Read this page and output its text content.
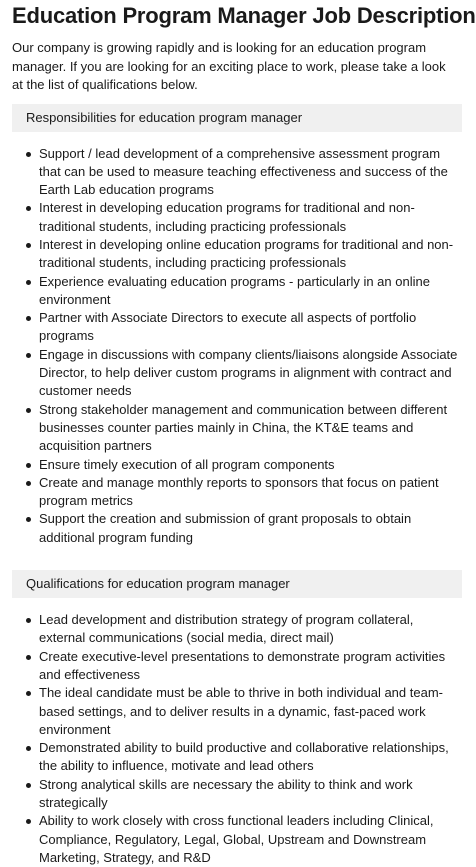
Education Program Manager Job Description

Our company is growing rapidly and is looking for an education program manager. If you are looking for an exciting place to work, please take a look at the list of qualifications below.

Responsibilities for education program manager
Support / lead development of a comprehensive assessment program that can be used to measure teaching effectiveness and success of the Earth Lab education programs
Interest in developing education programs for traditional and non-traditional students, including practicing professionals
Interest in developing online education programs for traditional and non-traditional students, including practicing professionals
Experience evaluating education programs - particularly in an online environment
Partner with Associate Directors to execute all aspects of portfolio programs
Engage in discussions with company clients/liaisons alongside Associate Director, to help deliver custom programs in alignment with contract and customer needs
Strong stakeholder management and communication between different businesses counter parties mainly in China, the KT&E teams and acquisition partners
Ensure timely execution of all program components
Create and manage monthly reports to sponsors that focus on patient program metrics
Support the creation and submission of grant proposals to obtain additional program funding
Qualifications for education program manager
Lead development and distribution strategy of program collateral, external communications (social media, direct mail)
Create executive-level presentations to demonstrate program activities and effectiveness
The ideal candidate must be able to thrive in both individual and team-based settings, and to deliver results in a dynamic, fast-paced work environment
Demonstrated ability to build productive and collaborative relationships, the ability to influence, motivate and lead others
Strong analytical skills are necessary the ability to think and work strategically
Ability to work closely with cross functional leaders including Clinical, Compliance, Regulatory, Legal, Global, Upstream and Downstream Marketing, Strategy, and R&D
